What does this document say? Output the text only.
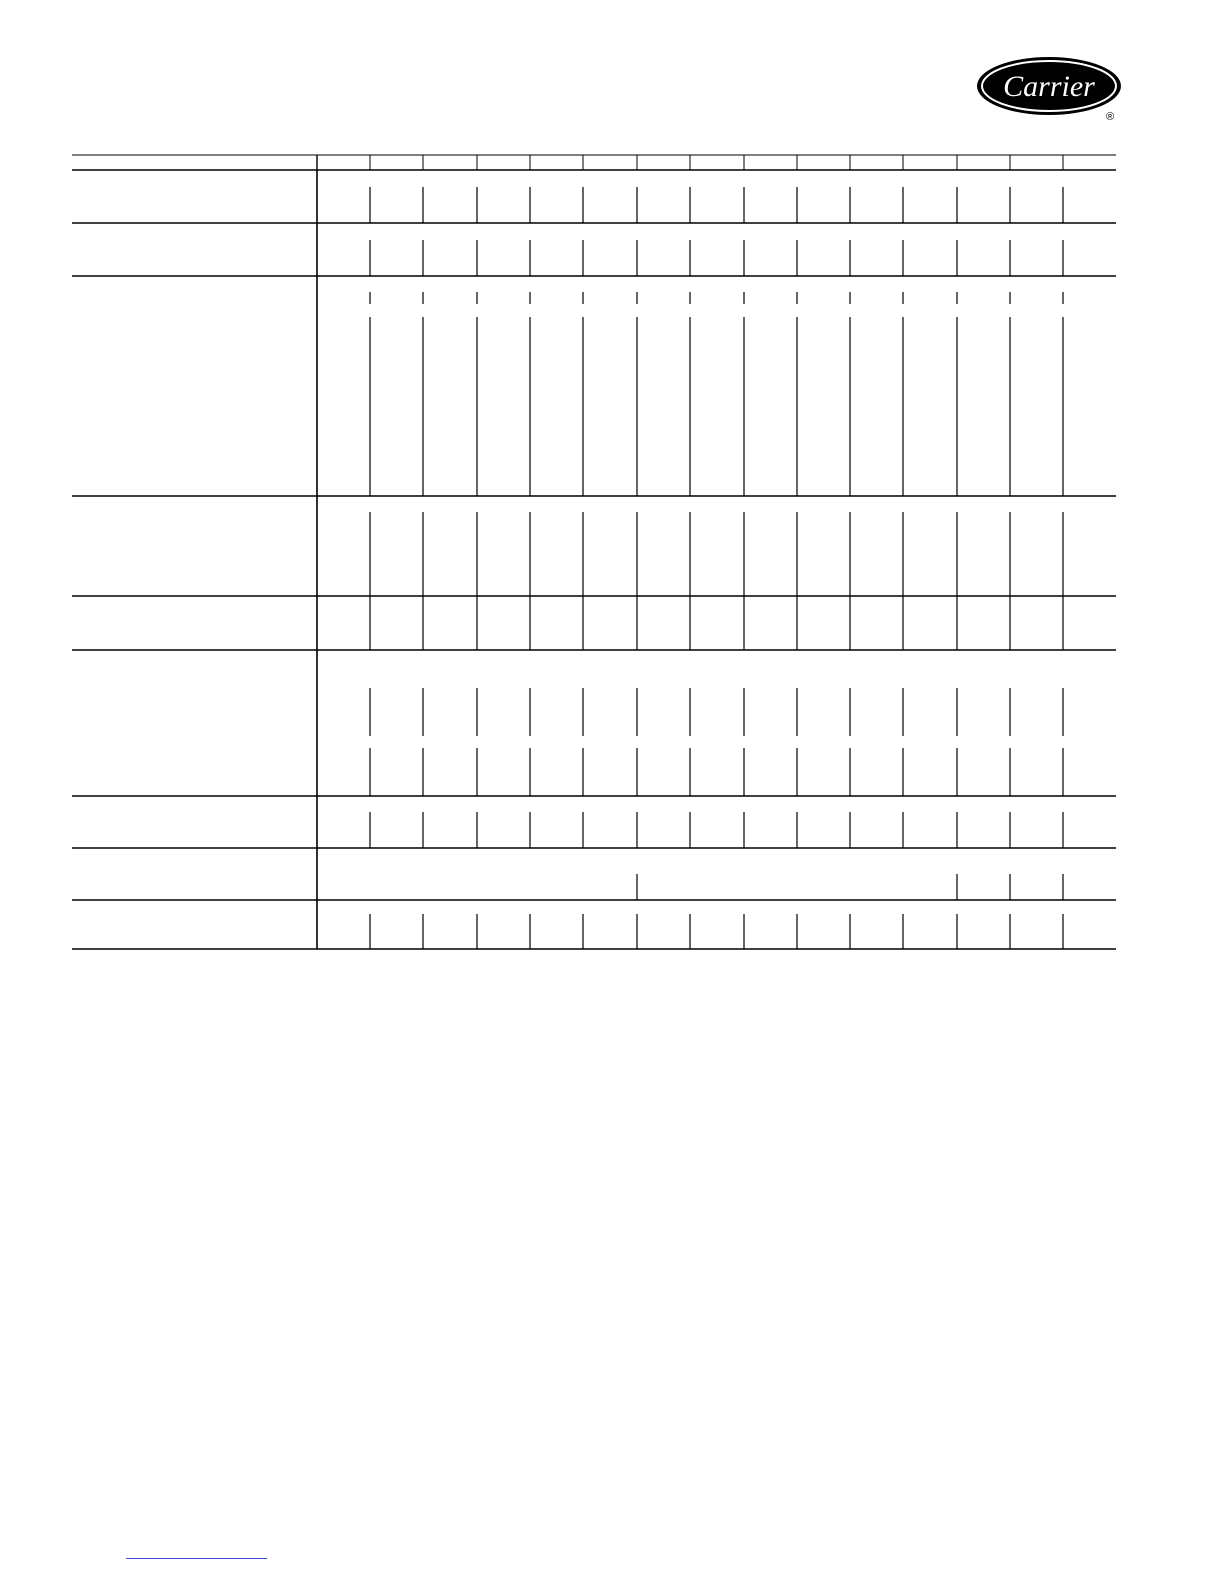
Carrier
®
